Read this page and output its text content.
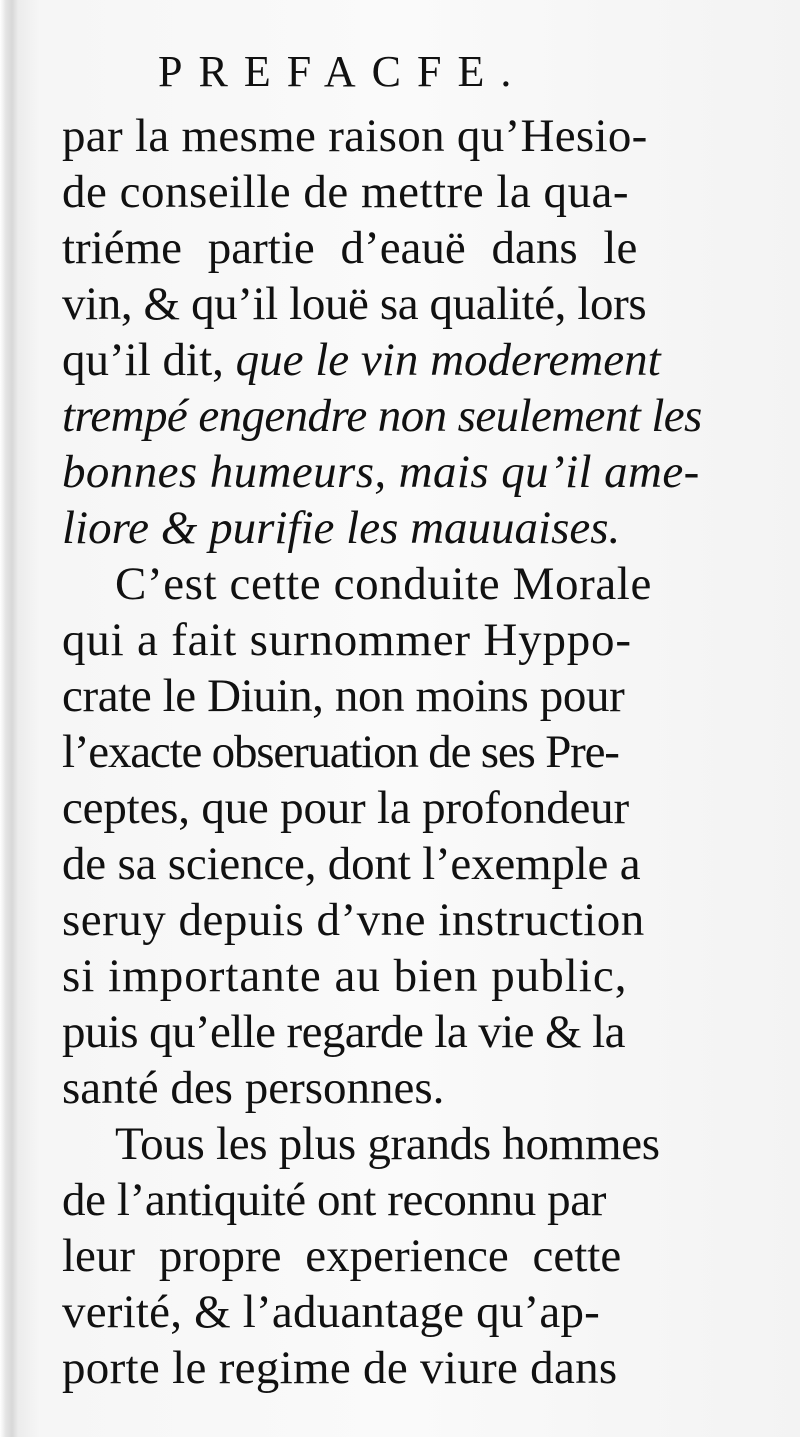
PREFACFE.
par la mesme raison qu’Hesio-
de conseille de mettre la qua-
triéme partie d’eauë dans le
vin, & qu’il louë sa qualité, lors
qu’il dit, que le vin moderement
trempé engendre non seulement les
bonnes humeurs, mais qu’il ame-
liore & purifie les mauuaises.
C’est cette conduite Morale
qui a fait surnommer Hyppo-
crate le Diuin, non moins pour
l’exacte obseruation de ses Pre-
ceptes, que pour la profondeur
de sa science, dont l’exemple a
seruy depuis d’vne instruction
si importante au bien public,
puis qu’elle regarde la vie & la
santé des personnes.
Tous les plus grands hommes
de l’antiquité ont reconnu par
leur propre experience cette
verité, & l’aduantage qu’ap-
porte le regime de viure dans
